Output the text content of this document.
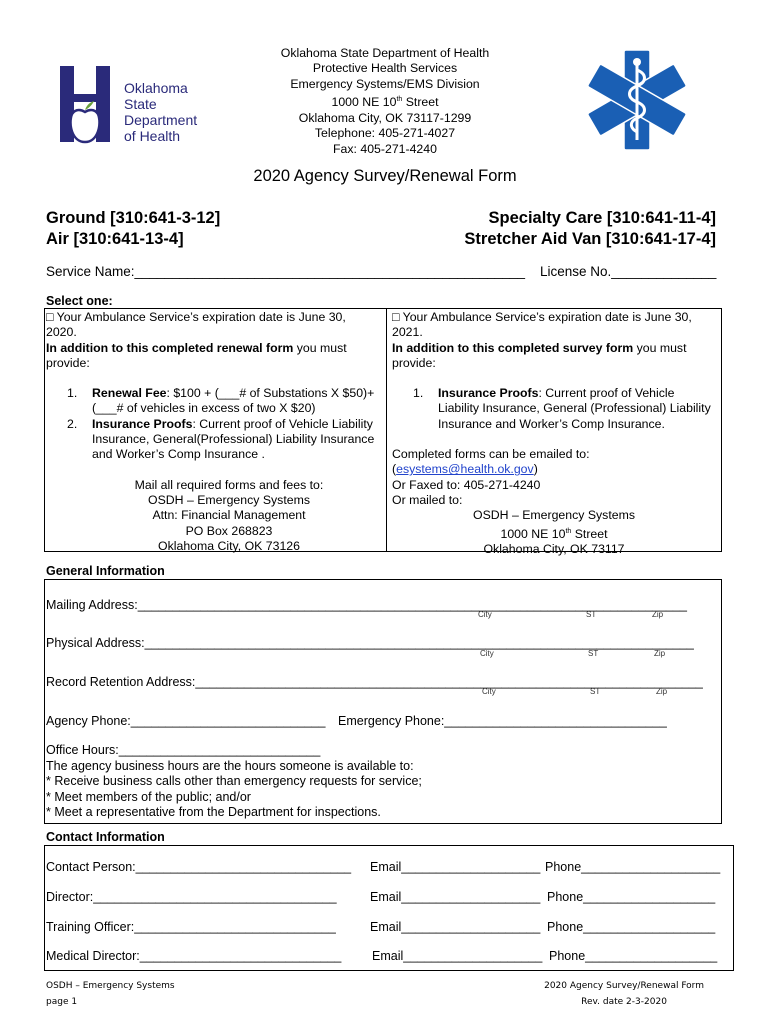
Oklahoma State Department of Health
Protective Health Services
Emergency Systems/EMS Division
1000 NE 10th Street
Oklahoma City, OK 73117-1299
Telephone: 405-271-4027
Fax: 405-271-4240
Oklahoma
State
Department
of Health
2020 Agency Survey/Renewal Form
Ground [310:641-3-12]
Air [310:641-13-4]
Specialty Care [310:641-11-4]
Stretcher Aid Van [310:641-17-4]
Service Name:____________________________________________________ License No.______________
Select one:

□ Your Ambulance Service’s expiration date is June 30,

2020.

In addition to this completed renewal form you must

provide:

1. Renewal Fee: $100 + (___# of Substations X $50)+(___# of vehicles in excess of two X $20)
2. Insurance Proofs: Current proof of Vehicle Liability Insurance, General(Professional) Liability Insurance and Worker’s Comp Insurance .
Mail all required forms and fees to:
OSDH – Emergency Systems
Attn: Financial Management
PO Box 268823
Oklahoma City, OK 73126

□ Your Ambulance Service’s expiration date is June 30,

2021.

In addition to this completed survey form you must

provide:

1. Insurance Proofs: Current proof of Vehicle Liability Insurance, General (Professional) Liability Insurance and Worker’s Comp Insurance.
Completed forms can be emailed to:
(esystems@health.ok.gov)
Or Faxed to: 405-271-4240
Or mailed to:
OSDH – Emergency Systems
1000 NE 10th Street
Oklahoma City, OK 73117
General Information
Mailing Address:_______________________________________________________________________________
City	ST	Zip
Physical Address:_______________________________________________________________________________
City	ST	Zip
Record Retention Address:_________________________________________________________________________
City	ST	Zip
Agency Phone:____________________________ Emergency Phone:________________________________
Office Hours:_____________________________
The agency business hours are the hours someone is available to:
* Receive business calls other than emergency requests for service;
* Meet members of the public; and/or
* Meet a representative from the Department for inspections.
Contact Information
Contact Person:_______________________________ Email____________________ Phone____________________
Director:___________________________________	Email____________________ Phone___________________
Training Officer:_____________________________	Email____________________ Phone___________________
Medical Director:_____________________________ Email____________________ Phone___________________
OSDH – Emergency Systems
page 1
2020 Agency Survey/Renewal Form
Rev. date 2-3-2020
